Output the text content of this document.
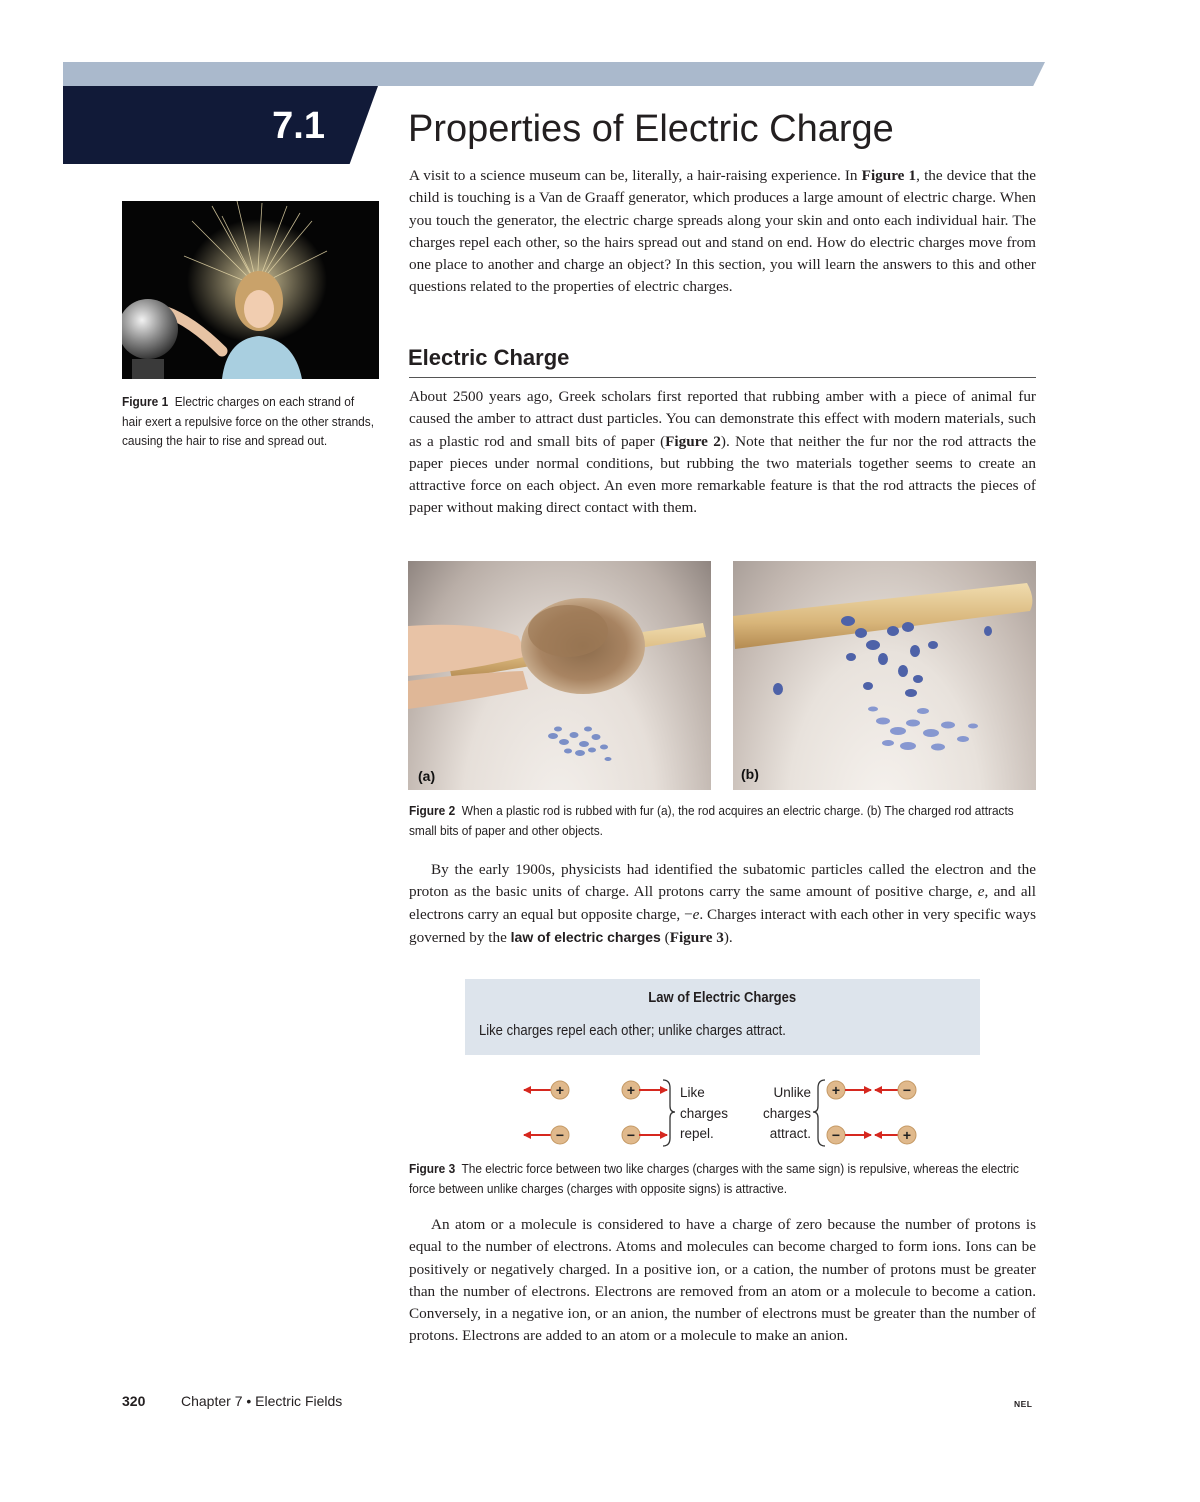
7.1 Properties of Electric Charge

Figure 1 Electric charges on each strand of hair exert a repulsive force on the other strands, causing the hair to rise and spread out.

A visit to a science museum can be, literally, a hair-raising experience. In Figure 1, the device that the child is touching is a Van de Graaff generator, which produces a large amount of electric charge. When you touch the generator, the electric charge spreads along your skin and onto each individual hair. The charges repel each other, so the hairs spread out and stand on end. How do electric charges move from one place to another and charge an object? In this section, you will learn the answers to this and other questions related to the properties of electric charges.

Electric Charge

About 2500 years ago, Greek scholars first reported that rubbing amber with a piece of animal fur caused the amber to attract dust particles. You can demonstrate this effect with modern materials, such as a plastic rod and small bits of paper (Figure 2). Note that neither the fur nor the rod attracts the paper pieces under normal conditions, but rubbing the two materials together seems to create an attractive force on each object. An even more remarkable feature is that the rod attracts the pieces of paper without making direct contact with them.

(a)	(b)

Figure 2 When a plastic rod is rubbed with fur (a), the rod acquires an electric charge. (b) The charged rod attracts small bits of paper and other objects.

By the early 1900s, physicists had identified the subatomic particles called the electron and the proton as the basic units of charge. All protons carry the same amount of positive charge, e, and all electrons carry an equal but opposite charge, −e. Charges interact with each other in very specific ways governed by the law of electric charges (Figure 3).

Law of Electric Charges
Like charges repel each other; unlike charges attract.
+	+
−	−
+	−
−	+
Like
charges
repel.
Unlike
charges
attract.

Figure 3 The electric force between two like charges (charges with the same sign) is repulsive, whereas the electric force between unlike charges (charges with opposite signs) is attractive.

An atom or a molecule is considered to have a charge of zero because the number of protons is equal to the number of electrons. Atoms and molecules can become charged to form ions. Ions can be positively or negatively charged. In a positive ion, or a cation, the number of protons must be greater than the number of electrons. Electrons are removed from an atom or a molecule to become a cation. Conversely, in a negative ion, or an anion, the number of electrons must be greater than the number of protons. Electrons are added to an atom or a molecule to make an anion.

320	Chapter 7 • Electric Fields	NEL
